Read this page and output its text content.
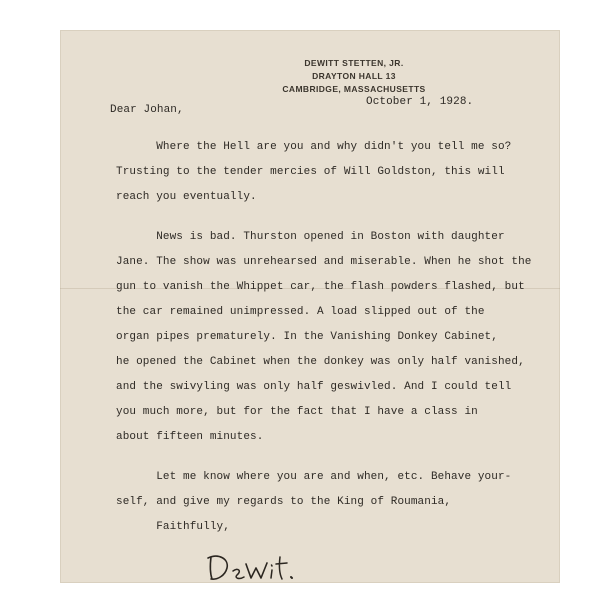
DEWITT STETTEN, JR.
DRAYTON HALL 13
CAMBRIDGE, MASSACHUSETTS
October 1, 1928.
Dear Johan,
Where the Hell are you and why didn't you tell me so?
Trusting to the tender mercies of Will Goldston, this will
reach you eventually.
News is bad. Thurston opened in Boston with daughter
Jane. The show was unrehearsed and miserable. When he shot the
gun to vanish the Whippet car, the flash powders flashed, but
the car remained unimpressed. A load slipped out of the
organ pipes prematurely. In the Vanishing Donkey Cabinet,
he opened the Cabinet when the donkey was only half vanished,
and the swivyling was only half geswivled. And I could tell
you much more, but for the fact that I have a class in
about fifteen minutes.
Let me know where you are and when, etc. Behave your-
self, and give my regards to the King of Roumania,
Faithfully,
